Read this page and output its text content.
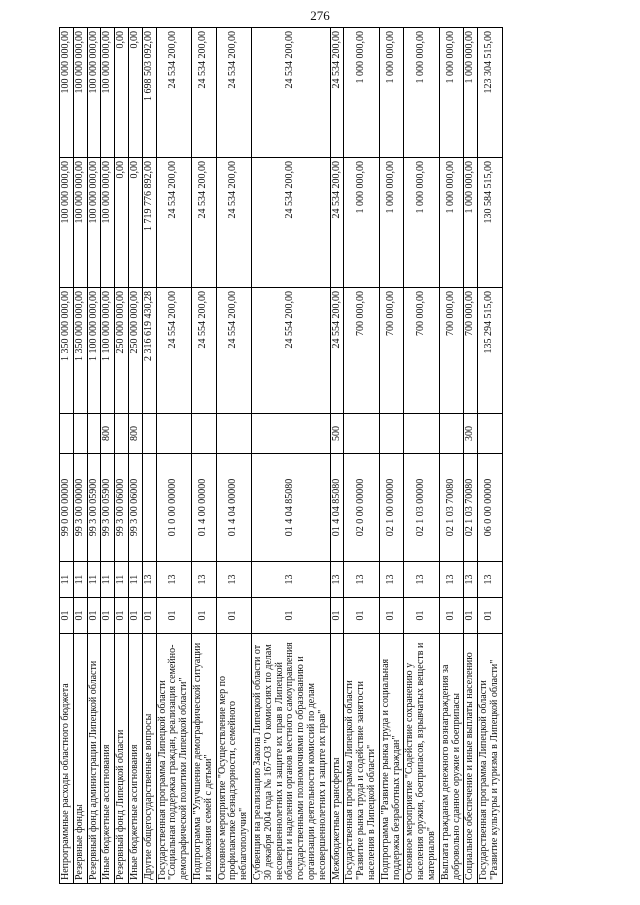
276
Непрограммные расходы областного бюджета	01	11	99 0 00 00000		1 350 000 000,00	100 000 000,00	100 000 000,00
Резервные фонды	01	11	99 3 00 00000		1 350 000 000,00	100 000 000,00	100 000 000,00
Резервный фонд администрации Липецкой области	01	11	99 3 00 05900		1 100 000 000,00	100 000 000,00	100 000 000,00
Иные бюджетные ассигнования	01	11	99 3 00 05900	800	1 100 000 000,00	100 000 000,00	100 000 000,00
Резервный фонд Липецкой области	01	11	99 3 00 06000		250 000 000,00	0,00	0,00
Иные бюджетные ассигнования	01	11	99 3 00 06000	800	250 000 000,00	0,00	0,00
Другие общегосударственные вопросы	01	13			2 316 619 430,28	1 719 776 892,00	1 698 503 092,00
Государственная программа Липецкой области "Социальная поддержка граждан, реализация семейно-демографической политики Липецкой области"	01	13	01 0 00 00000		24 554 200,00	24 534 200,00	24 534 200,00
Подпрограмма "Улучшение демографической ситуации и положения семей с детьми"	01	13	01 4 00 00000		24 554 200,00	24 534 200,00	24 534 200,00
Основное мероприятие "Осуществление мер по профилактике безнадзорности, семейного неблагополучия"	01	13	01 4 04 00000		24 554 200,00	24 534 200,00	24 534 200,00
Субвенция на реализацию Закона Липецкой области от 30 декабря 2004 года № 167-ОЗ "О комиссиях по делам несовершеннолетних и защите их прав в Липецкой области и наделении органов местного самоуправления государственными полномочиями по образованию и организации деятельности комиссий по делам несовершеннолетних и защите их прав"	01	13	01 4 04 85080		24 554 200,00	24 534 200,00	24 534 200,00
Межбюджетные трансферты	01	13	01 4 04 85080	500	24 554 200,00	24 534 200,00	24 534 200,00
Государственная программа Липецкой области "Развитие рынка труда и содействие занятости населения в Липецкой области"	01	13	02 0 00 00000		700 000,00	1 000 000,00	1 000 000,00
Подпрограмма "Развитие рынка труда и социальная поддержка безработных граждан"	01	13	02 1 00 00000		700 000,00	1 000 000,00	1 000 000,00
Основное мероприятие "Содействие сохранению у населения оружия, боеприпасов, взрывчатых веществ и материалов"	01	13	02 1 03 00000		700 000,00	1 000 000,00	1 000 000,00
Выплата гражданам денежного вознаграждения за добровольно сданное оружие и боеприпасы	01	13	02 1 03 70080		700 000,00	1 000 000,00	1 000 000,00
Социальное обеспечение и иные выплаты населению	01	13	02 1 03 70080	300	700 000,00	1 000 000,00	1 000 000,00
Государственная программа Липецкой области "Развитие культуры и туризма в Липецкой области"	01	13	06 0 00 00000		135 294 515,00	130 584 515,00	123 304 515,00
